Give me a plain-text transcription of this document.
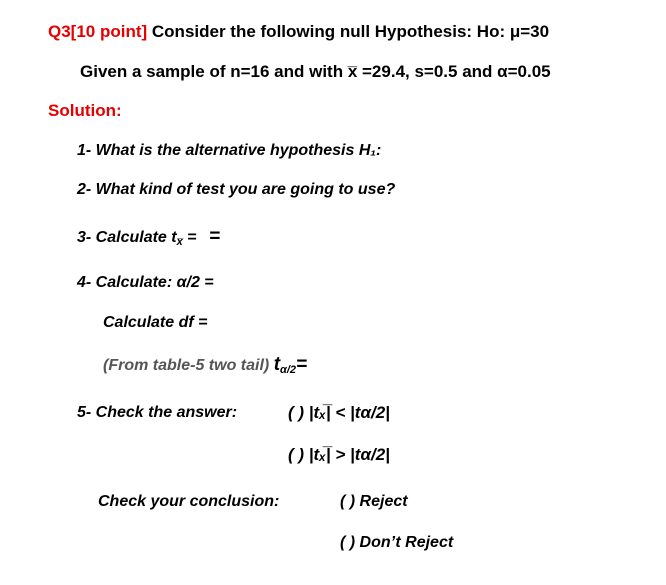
Q3[10 point] Consider the following null Hypothesis: Ho: μ=30
Given a sample of n=16 and with x̅ =29.4, s=0.5 and α=0.05
Solution:
1- What is the alternative hypothesis H₁:
2- What kind of test you are going to use?
3- Calculate $t_{x̅}$ = =
4- Calculate: α/2 =
Calculate df =
(From table-5 two tail) $t_{\alpha/2}=$
5- Check the answer:	( ) |tₓ̅| < |tα/2|
( ) |tₓ̅| > |tα/2|
Check your conclusion:	( ) Reject
( ) Don’t Reject
